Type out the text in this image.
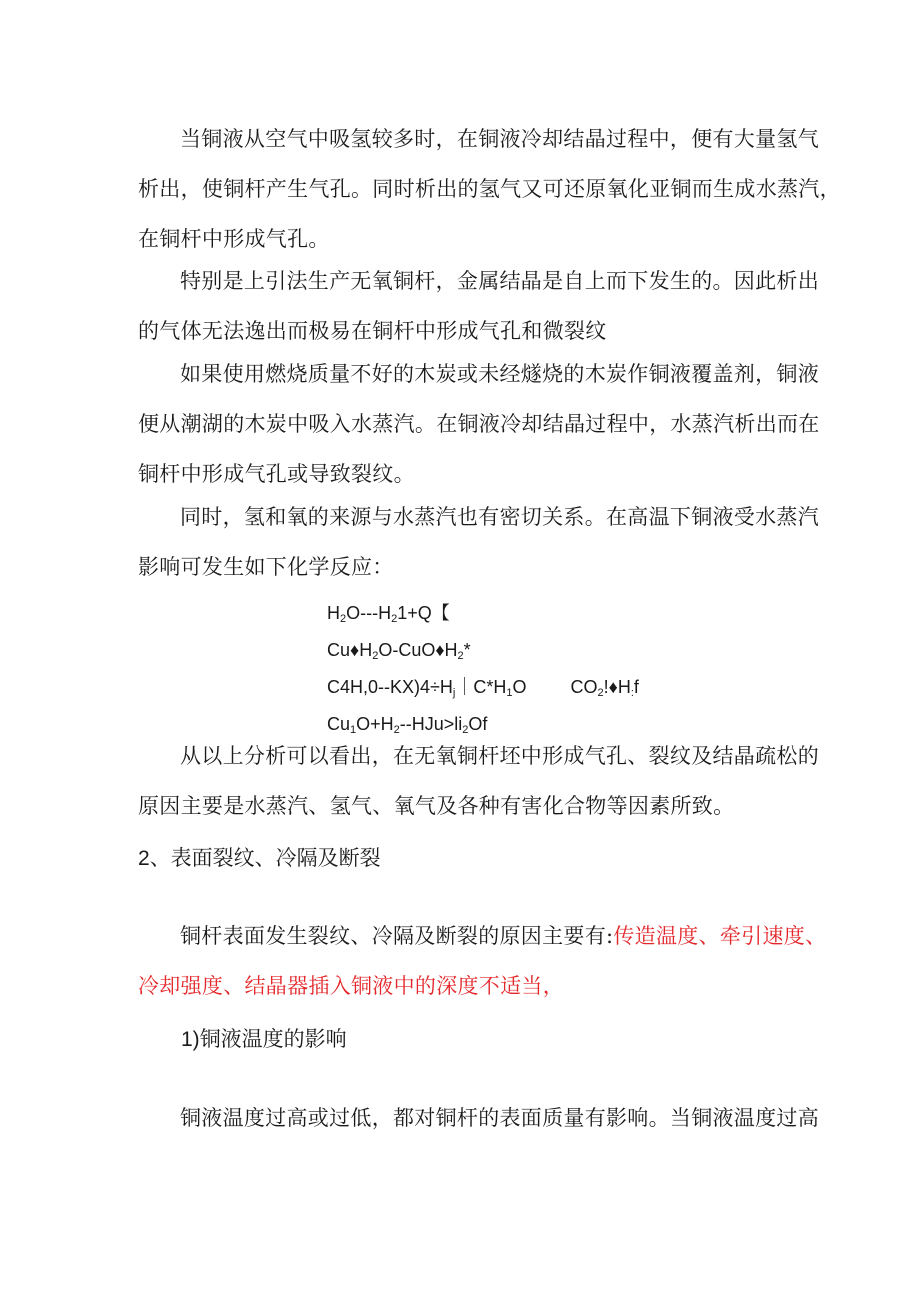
当铜液从空气中吸氢较多时，在铜液冷却结晶过程中，便有大量氢气
析出，使铜杆产生气孔。同时析出的氢气又可还原氧化亚铜而生成水蒸汽，
在铜杆中形成气孔。

特别是上引法生产无氧铜杆，金属结晶是自上而下发生的。因此析出
的气体无法逸出而极易在铜杆中形成气孔和微裂纹

如果使用燃烧质量不好的木炭或未经燧烧的木炭作铜液覆盖剂，铜液
便从潮湖的木炭中吸入水蒸汽。在铜液冷却结晶过程中，水蒸汽析出而在
铜杆中形成气孔或导致裂纹。

同时，氢和氧的来源与水蒸汽也有密切关系。在高温下铜液受水蒸汽
影响可发生如下化学反应：

$H_2O---H_21+Q$【
$Cu♦H_2O-CuO♦H_2*$
$C4H,0--KX)4\div H_j|C*H_1O$ $CO_2!♦H_:f$
$Cu_1O+H_2--HJu>li_2Of$

从以上分析可以看出，在无氧铜杆坯中形成气孔、裂纹及结晶疏松的
原因主要是水蒸汽、氢气、氧气及各种有害化合物等因素所致。

2、表面裂纹、冷隔及断裂

铜杆表面发生裂纹、冷隔及断裂的原因主要有:传造温度、牵引速度、
冷却强度、结晶器插入铜液中的深度不适当，

1)铜液温度的影响

铜液温度过高或过低，都对铜杆的表面质量有影响。当铜液温度过高
